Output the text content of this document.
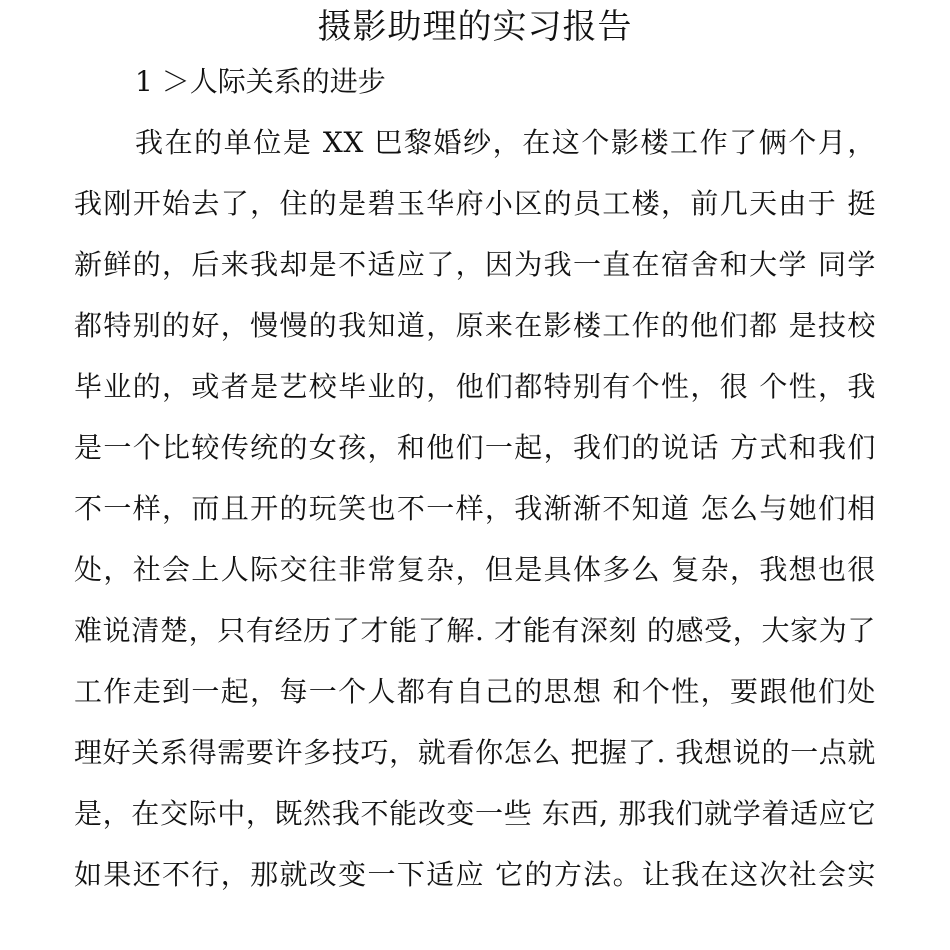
摄影助理的实习报告
1 ＞人际关系的进步
我在的单位是 XX 巴黎婚纱，在这个影楼工作了俩个月，
我刚开始去了，住的是碧玉华府小区的员工楼，前几天由于 挺
新鲜的，后来我却是不适应了，因为我一直在宿舍和大学 同学
都特别的好，慢慢的我知道，原来在影楼工作的他们都 是技校
毕业的，或者是艺校毕业的，他们都特别有个性，很 个性，我
是一个比较传统的女孩，和他们一起，我们的说话 方式和我们
不一样，而且开的玩笑也不一样，我渐渐不知道 怎么与她们相
处，社会上人际交往非常复杂，但是具体多么 复杂，我想也很
难说清楚，只有经历了才能了解. 才能有深刻 的感受，大家为了
工作走到一起，每一个人都有自己的思想 和个性，要跟他们处
理好关系得需要许多技巧，就看你怎么 把握了. 我想说的一点就
是，在交际中，既然我不能改变一些 东西, 那我们就学着适应它
如果还不行，那就改变一下适应 它的方法。让我在这次社会实
